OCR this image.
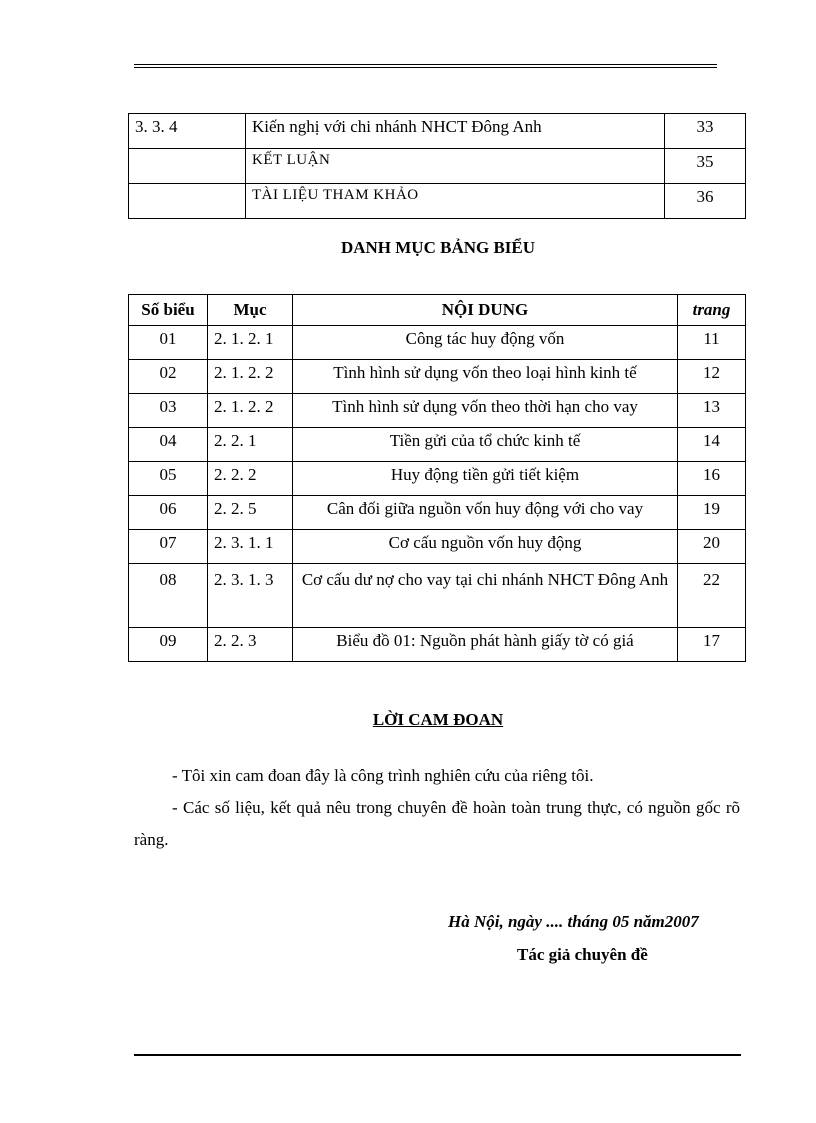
3. 3. 4	Kiến nghị với chi nhánh NHCT Đông Anh	33
	KẾT LUẬN	35
	TÀI LIỆU THAM KHẢO	36
DANH MỤC BẢNG BIỂU
Số biểu	Mục	NỘI DUNG	trang
01	2. 1. 2. 1	Công tác huy động vốn	11
02	2. 1. 2. 2	Tình hình sử dụng vốn theo loại hình kinh tế	12
03	2. 1. 2. 2	Tình hình sử dụng vốn theo thời hạn cho vay	13
04	2. 2. 1	Tiền gửi của tổ chức kinh tế	14
05	2. 2. 2	Huy động tiền gửi tiết kiệm	16
06	2. 2. 5	Cân đối giữa nguồn vốn huy động với cho vay	19
07	2. 3. 1. 1	Cơ cấu nguồn vốn huy động	20
08	2. 3. 1. 3	Cơ cấu dư nợ cho vay tại chi nhánh NHCT Đông Anh	22
09	2. 2. 3	Biểu đồ 01: Nguồn phát hành giấy tờ có giá	17
LỜI CAM ĐOAN
- Tôi xin cam đoan đây là công trình nghiên cứu của riêng tôi.
- Các số liệu, kết quả nêu trong chuyên đề hoàn toàn trung thực, có nguồn gốc rõ ràng.
Hà Nội, ngày .... tháng 05 năm2007
Tác giả chuyên đề
